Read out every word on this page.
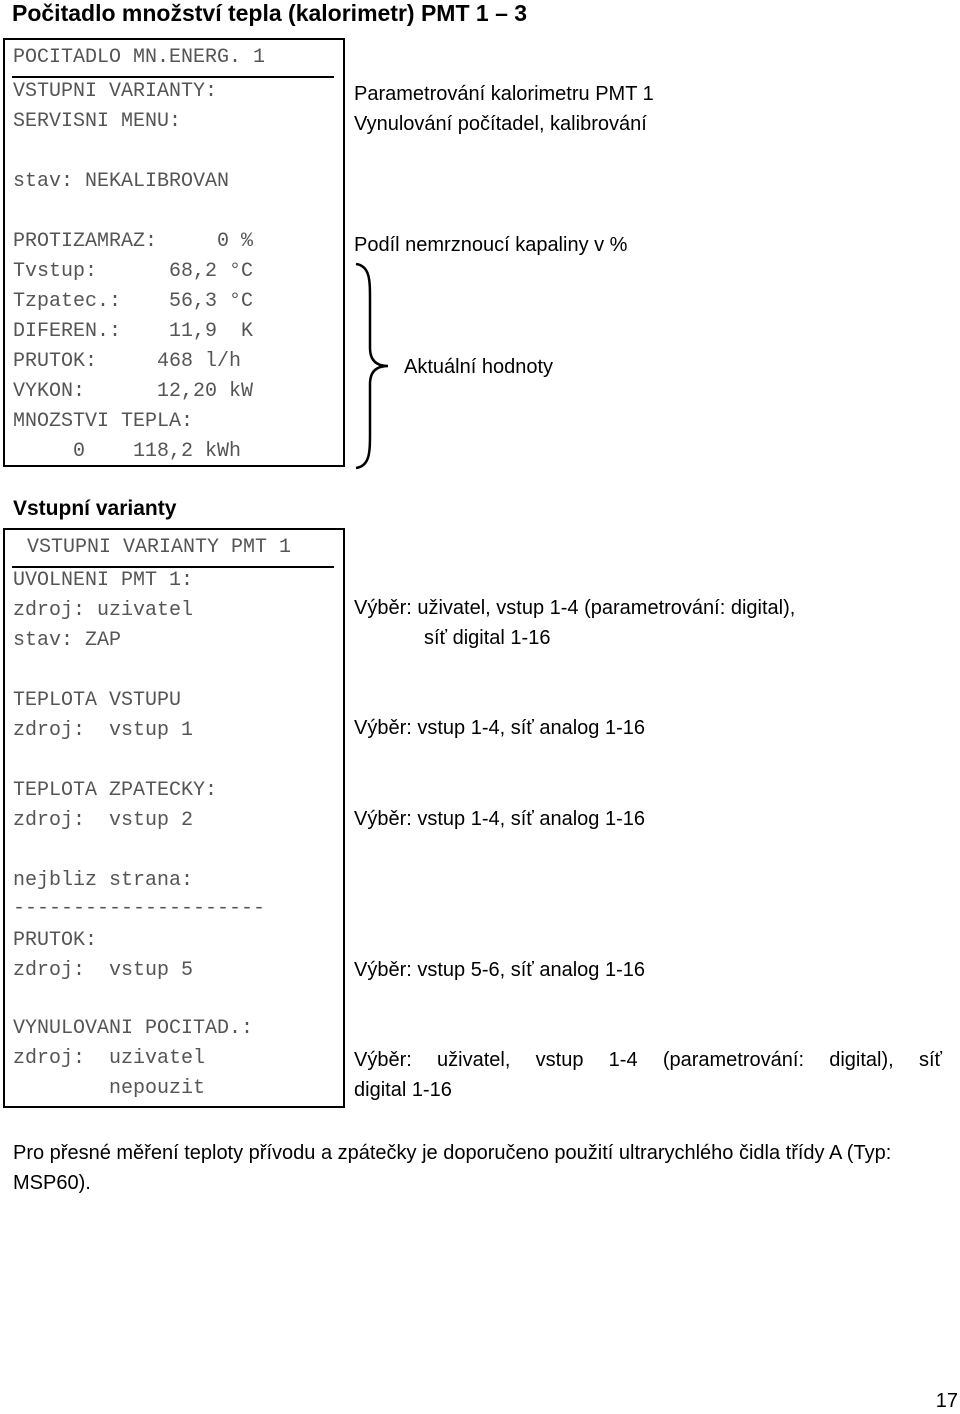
Počitadlo množství tepla (kalorimetr) PMT 1 – 3
POCITADLO MN.ENERG. 1
VSTUPNI VARIANTY:
SERVISNI MENU:
stav: NEKALIBROVAN
PROTIZAMRAZ:     0 %
Tvstup:      68,2 °C
Tzpatec.:    56,3 °C
DIFEREN.:    11,9  K
PRUTOK:     468 l/h
VYKON:      12,20 kW
MNOZSTVI TEPLA:
0    118,2 kWh
Parametrování kalorimetru PMT 1
Vynulování počítadel, kalibrování
Podíl nemrznoucí kapaliny v %
Aktuální hodnoty
Vstupní varianty
VSTUPNI VARIANTY PMT 1
UVOLNENI PMT 1:
zdroj: uzivatel
stav: ZAP
TEPLOTA VSTUPU
zdroj:  vstup 1
TEPLOTA ZPATECKY:
zdroj:  vstup 2
nejbliz strana:
---------------------
PRUTOK:
zdroj:  vstup 5
VYNULOVANI POCITAD.:
zdroj:  uzivatel
nepouzit
Výběr: uživatel, vstup 1-4 (parametrování: digital),
síť digital 1-16
Výběr: vstup 1-4, síť analog 1-16
Výběr: vstup 1-4, síť analog 1-16
Výběr: vstup 5-6, síť analog 1-16
Výběr: uživatel, vstup 1-4 (parametrování: digital), síť
digital 1-16
Pro přesné měření teploty přívodu a zpátečky je doporučeno použití ultrarychlého čidla třídy A (Typ: MSP60).
17
